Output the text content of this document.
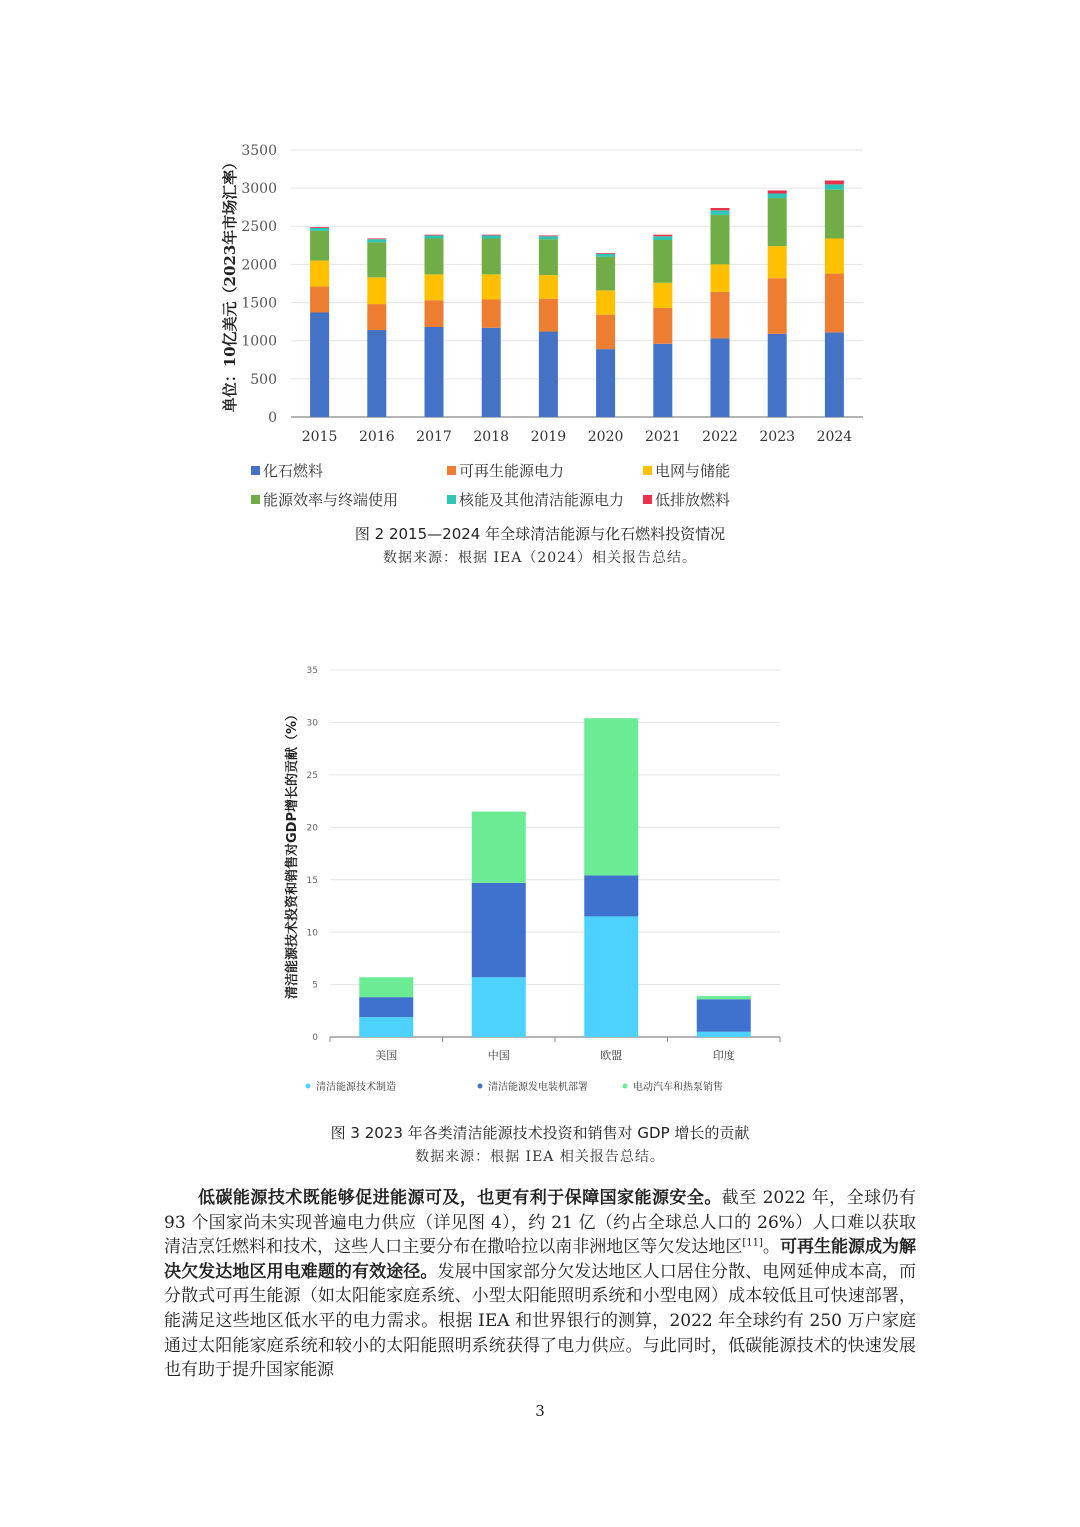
0
500
1000
1500
2000
2500
3000
3500
单位：10亿美元（2023年市场汇率）
2015 2016 2017 2018 2019 2020 2021 2022 2023 2024
化石燃料	可再生能源电力	电网与储能
能源效率与终端使用	核能及其他清洁能源电力 低排放燃料
0
5
10
15
20
25
30
35
清洁能源技术投资和销售对GDP增长的贡献（%）
美国	中国	欧盟	印度
清洁能源技术制造	清洁能源发电装机部署	电动汽车和热泵销售
图 2 2015—2024 年全球清洁能源与化石燃料投资情况
数据来源：根据 IEA（2024）相关报告总结。
图 3 2023 年各类清洁能源技术投资和销售对 GDP 增长的贡献
数据来源：根据 IEA 相关报告总结。

低碳能源技术既能够促进能源可及，也更有利于保障国家能源安全。截至 2022 年，全球仍有 93 个国家尚未实现普遍电力供应（详见图 4），约 21 亿（约占全球总人口的 26%）人口难以获取清洁烹饪燃料和技术，这些人口主要分布在撒哈拉以南非洲地区等欠发达地区[11]。可再生能源成为解决欠发达地区用电难题的有效途径。发展中国家部分欠发达地区人口居住分散、电网延伸成本高，而分散式可再生能源（如太阳能家庭系统、小型太阳能照明系统和小型电网）成本较低且可快速部署，能满足这些地区低水平的电力需求。根据 IEA 和世界银行的测算，2022 年全球约有 250 万户家庭通过太阳能家庭系统和较小的太阳能照明系统获得了电力供应。与此同时，低碳能源技术的快速发展也有助于提升国家能源

3
